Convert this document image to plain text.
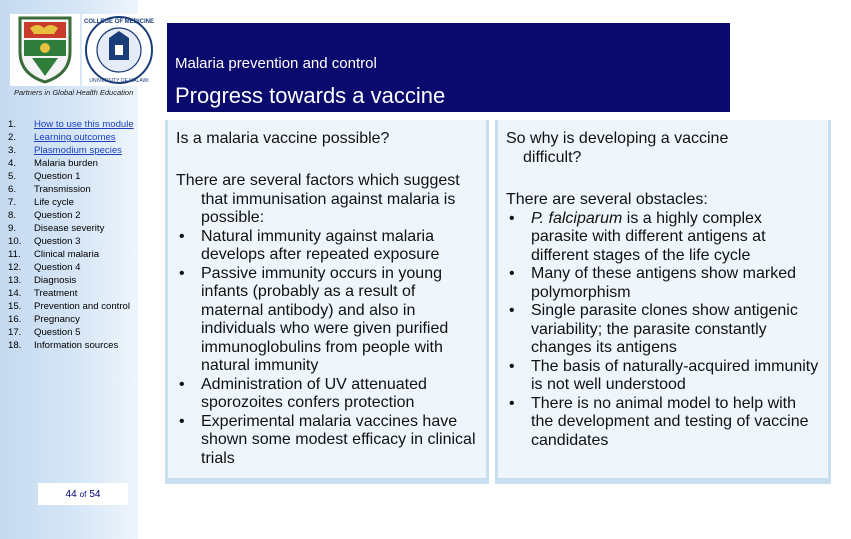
COLLEGE OF MEDICINE
UNIVERSITY OF MALAWI
Partners in Global Health Education
1.	How to use this module
2.	Learning outcomes
3.	Plasmodium species
4.	Malaria burden
5.	Question 1
6.	Transmission
7.	Life cycle
8.	Question 2
9.	Disease severity
10.	Question 3
11.	Clinical malaria
12.	Question 4
13.	Diagnosis
14.	Treatment
15.	Prevention and control
16.	Pregnancy
17.	Question 5
18.	Information sources
44 of 54
Malaria prevention and control
Progress towards a vaccine
Is a malaria vaccine possible?
There are several factors which suggest that immunisation against malaria is possible:
• Natural immunity against malaria develops after repeated exposure
• Passive immunity occurs in young infants (probably as a result of maternal antibody) and also in individuals who were given purified immunoglobulins from people with natural immunity
• Administration of UV attenuated sporozoites confers protection
• Experimental malaria vaccines have shown some modest efficacy in clinical trials
So why is developing a vaccine
difficult?
There are several obstacles:
• P. falciparum is a highly complex parasite with different antigens at different stages of the life cycle
• Many of these antigens show marked polymorphism
• Single parasite clones show antigenic variability; the parasite constantly changes its antigens
• The basis of naturally-acquired immunity is not well understood
• There is no animal model to help with the development and testing of vaccine candidates
